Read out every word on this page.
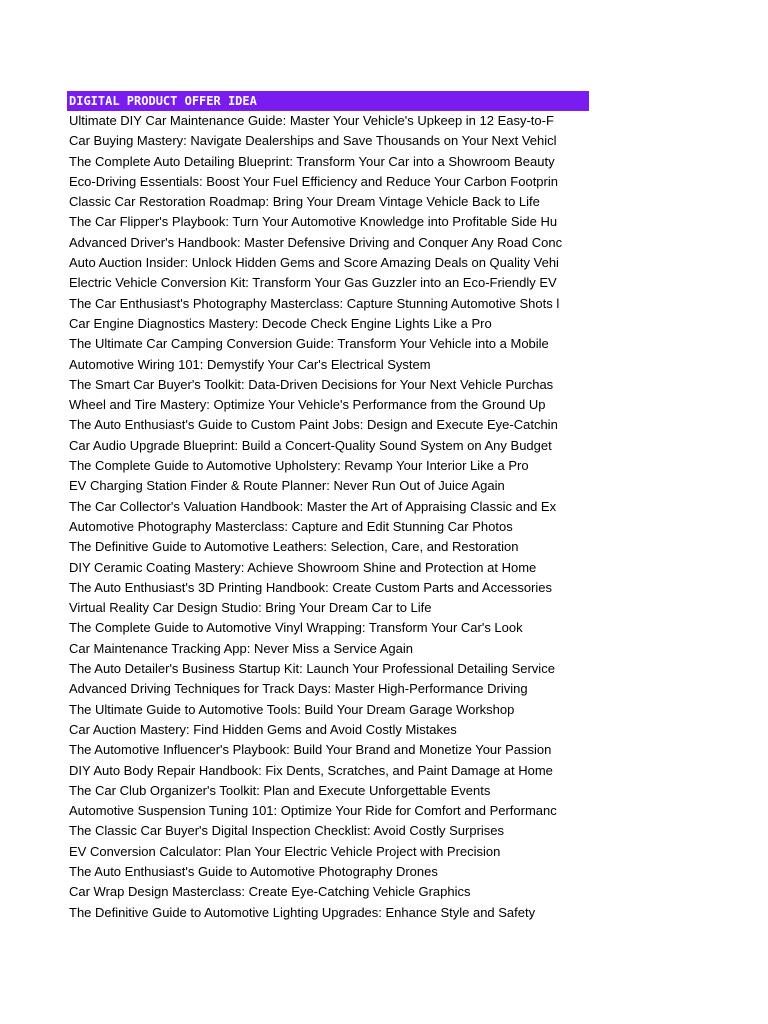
DIGITAL PRODUCT OFFER IDEA
Ultimate DIY Car Maintenance Guide: Master Your Vehicle's Upkeep in 12 Easy-to-F
Car Buying Mastery: Navigate Dealerships and Save Thousands on Your Next Vehicl
The Complete Auto Detailing Blueprint: Transform Your Car into a Showroom Beauty
Eco-Driving Essentials: Boost Your Fuel Efficiency and Reduce Your Carbon Footprin
Classic Car Restoration Roadmap: Bring Your Dream Vintage Vehicle Back to Life
The Car Flipper's Playbook: Turn Your Automotive Knowledge into Profitable Side Hu
Advanced Driver's Handbook: Master Defensive Driving and Conquer Any Road Conc
Auto Auction Insider: Unlock Hidden Gems and Score Amazing Deals on Quality Vehi
Electric Vehicle Conversion Kit: Transform Your Gas Guzzler into an Eco-Friendly EV
The Car Enthusiast's Photography Masterclass: Capture Stunning Automotive Shots l
Car Engine Diagnostics Mastery: Decode Check Engine Lights Like a Pro
The Ultimate Car Camping Conversion Guide: Transform Your Vehicle into a Mobile
Automotive Wiring 101: Demystify Your Car's Electrical System
The Smart Car Buyer's Toolkit: Data-Driven Decisions for Your Next Vehicle Purchas
Wheel and Tire Mastery: Optimize Your Vehicle's Performance from the Ground Up
The Auto Enthusiast's Guide to Custom Paint Jobs: Design and Execute Eye-Catchin
Car Audio Upgrade Blueprint: Build a Concert-Quality Sound System on Any Budget
The Complete Guide to Automotive Upholstery: Revamp Your Interior Like a Pro
EV Charging Station Finder & Route Planner: Never Run Out of Juice Again
The Car Collector's Valuation Handbook: Master the Art of Appraising Classic and Ex
Automotive Photography Masterclass: Capture and Edit Stunning Car Photos
The Definitive Guide to Automotive Leathers: Selection, Care, and Restoration
DIY Ceramic Coating Mastery: Achieve Showroom Shine and Protection at Home
The Auto Enthusiast's 3D Printing Handbook: Create Custom Parts and Accessories
Virtual Reality Car Design Studio: Bring Your Dream Car to Life
The Complete Guide to Automotive Vinyl Wrapping: Transform Your Car's Look
Car Maintenance Tracking App: Never Miss a Service Again
The Auto Detailer's Business Startup Kit: Launch Your Professional Detailing Service
Advanced Driving Techniques for Track Days: Master High-Performance Driving
The Ultimate Guide to Automotive Tools: Build Your Dream Garage Workshop
Car Auction Mastery: Find Hidden Gems and Avoid Costly Mistakes
The Automotive Influencer's Playbook: Build Your Brand and Monetize Your Passion
DIY Auto Body Repair Handbook: Fix Dents, Scratches, and Paint Damage at Home
The Car Club Organizer's Toolkit: Plan and Execute Unforgettable Events
Automotive Suspension Tuning 101: Optimize Your Ride for Comfort and Performanc
The Classic Car Buyer's Digital Inspection Checklist: Avoid Costly Surprises
EV Conversion Calculator: Plan Your Electric Vehicle Project with Precision
The Auto Enthusiast's Guide to Automotive Photography Drones
Car Wrap Design Masterclass: Create Eye-Catching Vehicle Graphics
The Definitive Guide to Automotive Lighting Upgrades: Enhance Style and Safety
